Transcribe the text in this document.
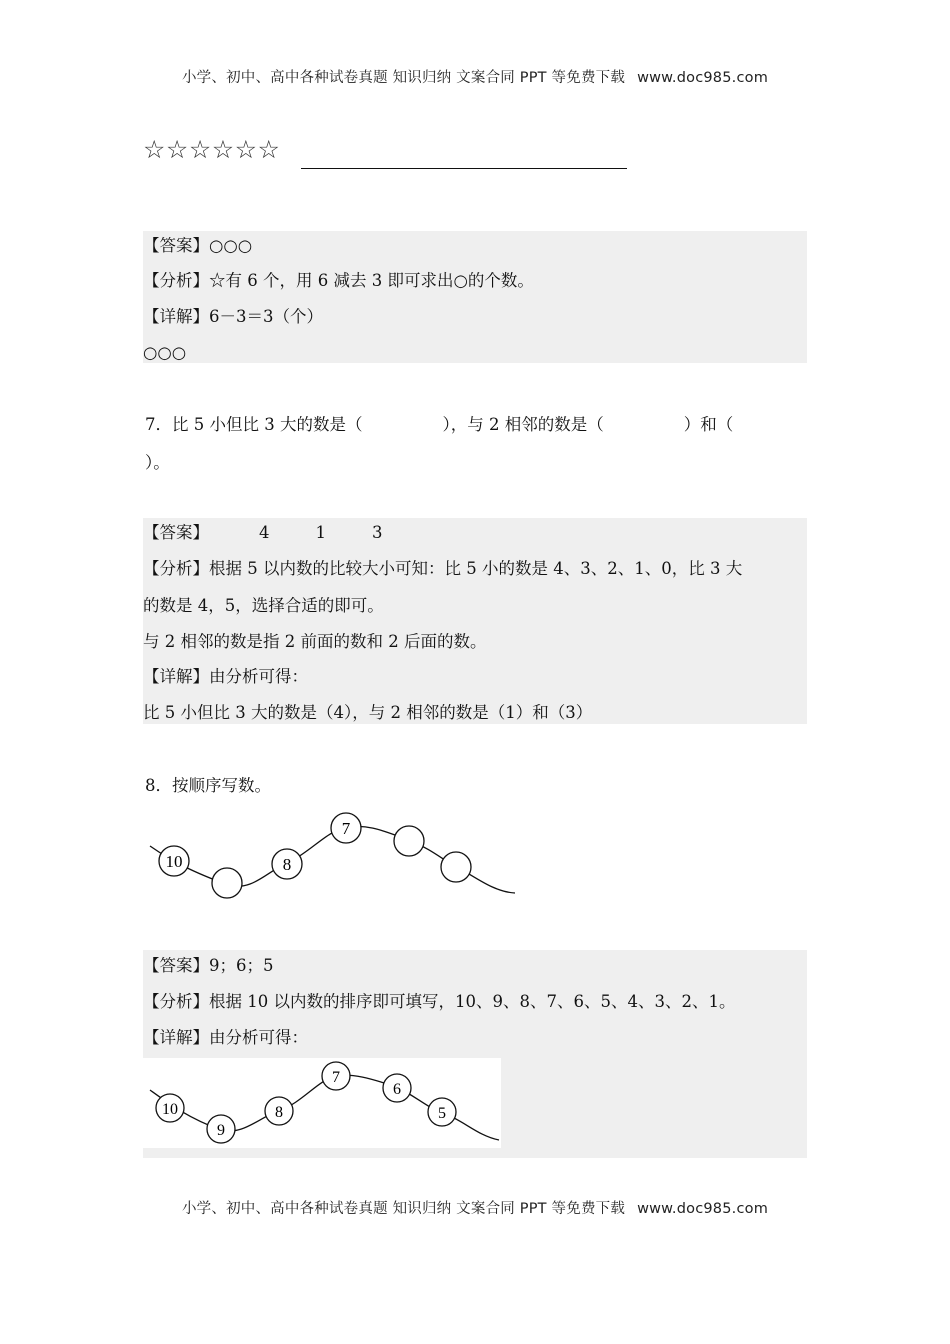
小学、初中、高中各种试卷真题 知识归纳 文案合同 PPT 等免费下载 www.doc985.com
☆☆☆☆☆☆
【答案】○○○
【分析】☆有 6 个，用 6 减去 3 即可求出○的个数。
【详解】6－3＝3（个）
○○○
7．比 5 小但比 3 大的数是（	），与 2 相邻的数是（	）和（
）。
【答案】	4	1	3
【分析】根据 5 以内数的比较大小可知：比 5 小的数是 4、3、2、1、0，比 3 大
的数是 4，5，选择合适的即可。
与 2 相邻的数是指 2 前面的数和 2 后面的数。
【详解】由分析可得：
比 5 小但比 3 大的数是（4），与 2 相邻的数是（1）和（3）
8．按顺序写数。
10	8
7
【答案】9；6；5
【分析】根据 10 以内数的排序即可填写，10、9、8、7、6、5、4、3、2、1。
【详解】由分析可得：
10
9
8
7
6
5
小学、初中、高中各种试卷真题 知识归纳 文案合同 PPT 等免费下载 www.doc985.com
